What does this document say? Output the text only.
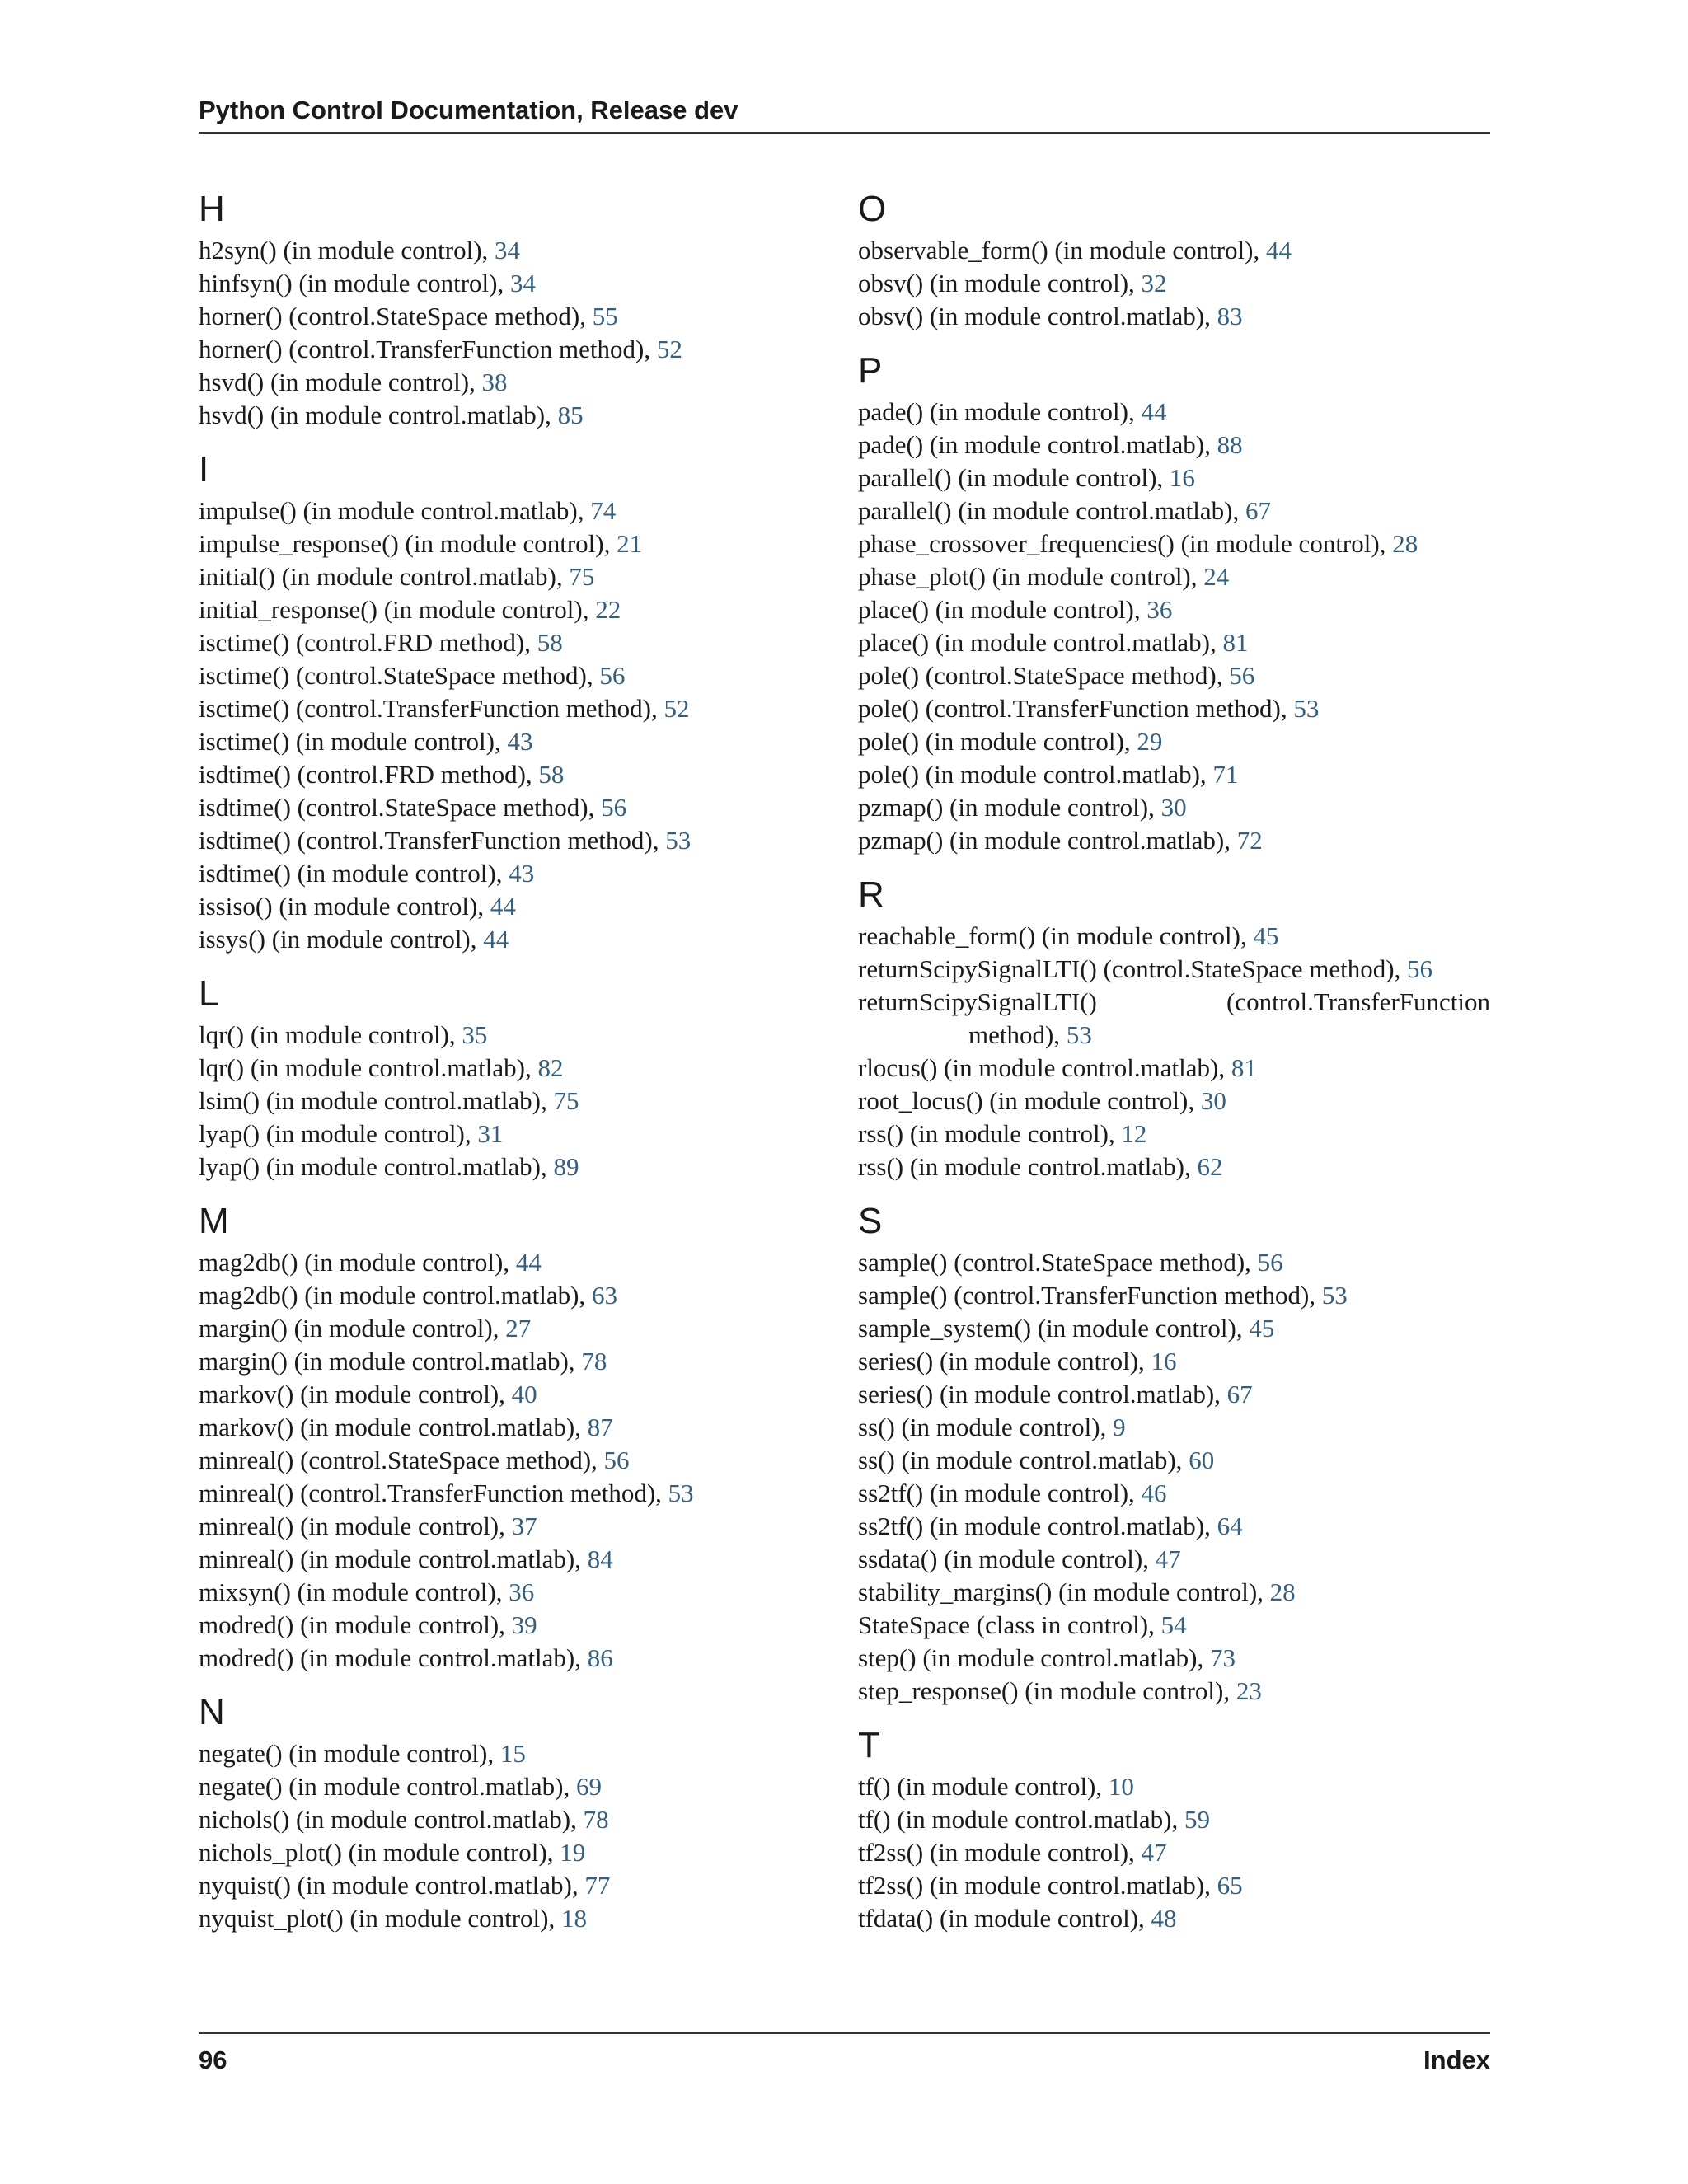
Python Control Documentation, Release dev
H
h2syn() (in module control), 34
hinfsyn() (in module control), 34
horner() (control.StateSpace method), 55
horner() (control.TransferFunction method), 52
hsvd() (in module control), 38
hsvd() (in module control.matlab), 85
I
impulse() (in module control.matlab), 74
impulse_response() (in module control), 21
initial() (in module control.matlab), 75
initial_response() (in module control), 22
isctime() (control.FRD method), 58
isctime() (control.StateSpace method), 56
isctime() (control.TransferFunction method), 52
isctime() (in module control), 43
isdtime() (control.FRD method), 58
isdtime() (control.StateSpace method), 56
isdtime() (control.TransferFunction method), 53
isdtime() (in module control), 43
issiso() (in module control), 44
issys() (in module control), 44
L
lqr() (in module control), 35
lqr() (in module control.matlab), 82
lsim() (in module control.matlab), 75
lyap() (in module control), 31
lyap() (in module control.matlab), 89
M
mag2db() (in module control), 44
mag2db() (in module control.matlab), 63
margin() (in module control), 27
margin() (in module control.matlab), 78
markov() (in module control), 40
markov() (in module control.matlab), 87
minreal() (control.StateSpace method), 56
minreal() (control.TransferFunction method), 53
minreal() (in module control), 37
minreal() (in module control.matlab), 84
mixsyn() (in module control), 36
modred() (in module control), 39
modred() (in module control.matlab), 86
N
negate() (in module control), 15
negate() (in module control.matlab), 69
nichols() (in module control.matlab), 78
nichols_plot() (in module control), 19
nyquist() (in module control.matlab), 77
nyquist_plot() (in module control), 18
O
observable_form() (in module control), 44
obsv() (in module control), 32
obsv() (in module control.matlab), 83
P
pade() (in module control), 44
pade() (in module control.matlab), 88
parallel() (in module control), 16
parallel() (in module control.matlab), 67
phase_crossover_frequencies() (in module control), 28
phase_plot() (in module control), 24
place() (in module control), 36
place() (in module control.matlab), 81
pole() (control.StateSpace method), 56
pole() (control.TransferFunction method), 53
pole() (in module control), 29
pole() (in module control.matlab), 71
pzmap() (in module control), 30
pzmap() (in module control.matlab), 72
R
reachable_form() (in module control), 45
returnScipySignalLTI() (control.StateSpace method), 56
returnScipySignalLTI()	(control.TransferFunction
method), 53
rlocus() (in module control.matlab), 81
root_locus() (in module control), 30
rss() (in module control), 12
rss() (in module control.matlab), 62
S
sample() (control.StateSpace method), 56
sample() (control.TransferFunction method), 53
sample_system() (in module control), 45
series() (in module control), 16
series() (in module control.matlab), 67
ss() (in module control), 9
ss() (in module control.matlab), 60
ss2tf() (in module control), 46
ss2tf() (in module control.matlab), 64
ssdata() (in module control), 47
stability_margins() (in module control), 28
StateSpace (class in control), 54
step() (in module control.matlab), 73
step_response() (in module control), 23
T
tf() (in module control), 10
tf() (in module control.matlab), 59
tf2ss() (in module control), 47
tf2ss() (in module control.matlab), 65
tfdata() (in module control), 48
96	Index
